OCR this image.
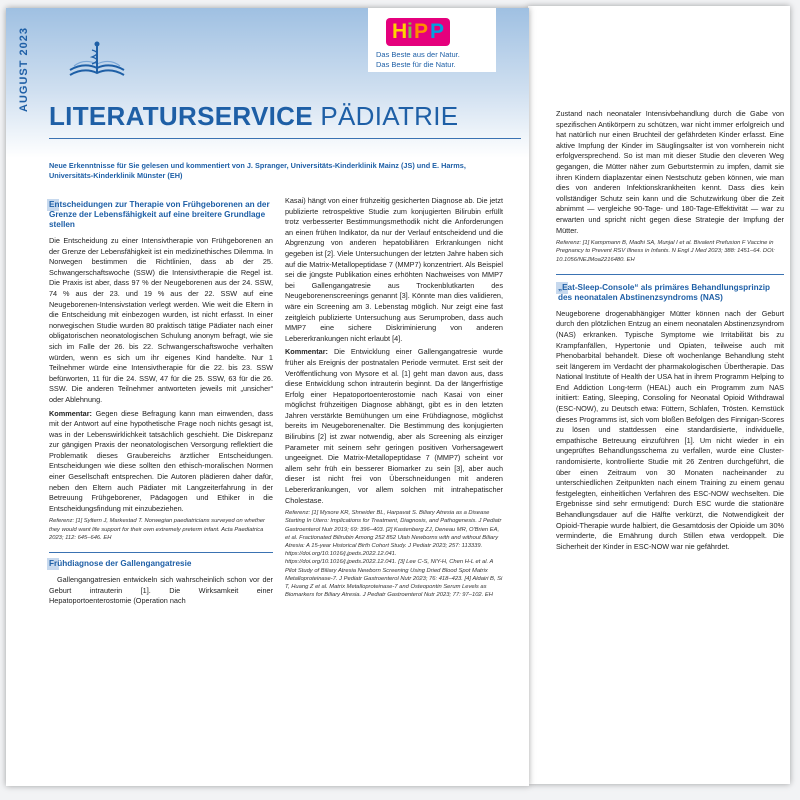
Zustand nach neonataler Intensivbehandlung durch die Gabe von spezifischen Antikörpern zu schützen, war nicht immer erfolgreich und hat natürlich nur einen Bruchteil der gefährdeten Kinder erfasst. Eine aktive Impfung der Kinder im Säuglingsalter ist von vornherein nicht erfolgversprechend. So ist man mit dieser Studie den cleveren Weg gegangen, die Mütter näher zum Geburtstermin zu impfen, damit sie ihren Kindern diaplazentar einen Nestschutz geben können, wie man dies von anderen Infektionskrankheiten kennt. Dass dies kein vollständiger Schutz sein kann und die Schutzwirkung über die Zeit abnimmt — vergleiche 90-Tage- und 180-Tage-Effektivität — war zu erwarten und spricht nicht gegen diese Strategie der Impfung der Mütter.

Referenz: [1] Kampmann B, Madhi SA, Munjal I et al. Bivalent Prefusion F Vaccine in Pregnancy to Prevent RSV Illness in Infants. N Engl J Med 2023; 388: 1451–64. DOI: 10.1056/NEJMoa2216480. EH

„Eat-Sleep-Console“ als primäres Behandlungsprinzip des neonatalen Abstinenzsyndroms (NAS)

Neugeborene drogenabhängiger Mütter können nach der Geburt durch den plötzlichen Entzug an einem neonatalen Abstinenzsyndrom (NAS) erkranken. Typische Symptome wie Irritabilität bis zu Krampfanfällen, Hypertonie und Opiaten, teilweise auch mit Phenobarbital behandelt. Diese oft wochenlange Behandlung steht seit längerem im Verdacht der pharmakologischen Übertherapie. Das National Institute of Health der USA hat in ihrem Programm Helping to End Addiction Long-term (HEAL) auch ein Programm zum NAS initiiert: Eating, Sleeping, Consoling for Neonatal Opioid Withdrawal (ESC-NOW), zu Deutsch etwa: Füttern, Schlafen, Trösten. Kernstück dieses Programms ist, sich vom bloßen Befolgen des Finnigan-Scores zu lösen und stattdessen eine standardisierte, individuelle, empathische Betreuung einzuführen [1]. Um nicht wieder in ein ungeprüftes Behandlungsschema zu verfallen, wurde eine Cluster-randomisierte, kontrollierte Studie mit 26 Zentren durchgeführt, die über einen Zeitraum von 30 Monaten nacheinander zu unterschiedlichen Zeitpunkten nach einem Training zu einem genau festgelegten, einheitlichen Verfahren des ESC-NOW wechselten. Die Ergebnisse sind sehr ermutigend: Durch ESC wurde die stationäre Behandlungsdauer auf die Hälfte verkürzt, die Notwendigkeit der Opioid-Therapie wurde halbiert, die Gesamtdosis der Opioide um 30% verminderte, die Ernährung durch Stillen etwa verdoppelt. Die Sicherheit der Kinder in ESC-NOW war nie gefährdet.

H i P P
Das Beste aus der Natur.
Das Beste für die Natur.
AUGUST 2023
LITERATURSERVICE PÄDIATRIE

Neue Erkenntnisse für Sie gelesen und kommentiert von J. Spranger, Universitäts-Kinderklinik Mainz (JS) und E. Harms, Universitäts-Kinderklinik Münster (EH)

Entscheidungen zur Therapie von Frühgeborenen an der Grenze der Lebensfähigkeit auf eine breitere Grundlage stellen

Die Entscheidung zu einer Intensivtherapie von Frühgeborenen an der Grenze der Lebensfähigkeit ist ein medizinethisches Dilemma. In Norwegen bestimmen die Richtlinien, dass ab der 25. Schwangerschaftswoche (SSW) die Intensivtherapie die Regel ist. Die Praxis ist aber, dass 97 % der Neugeborenen aus der 24. SSW, 74 % aus der 23. und 19 % aus der 22. SSW auf eine Neugeborenen-Intensivstation verlegt werden. Wie weit die Eltern in die Entscheidung mit einbezogen wurden, ist nicht erfasst. In einer norwegischen Studie wurden 80 praktisch tätige Pädiater nach einer obligatorischen neonatologischen Schulung anonym befragt, wie sie sich im Falle der 26. bis 22. Schwangerschaftswoche verhalten würden, wenn es sich um ihr eigenes Kind handelte. Nur 1 Teilnehmer würde eine Intensivtherapie für die 22. bis 23. SSW befürworten, 11 für die 24. SSW, 47 für die 25. SSW, 63 für die 26. SSW. Die anderen Teilnehmer antworteten jeweils mit „unsicher“ oder Ablehnung.

Kommentar: Gegen diese Befragung kann man einwenden, dass mit der Antwort auf eine hypothetische Frage noch nichts gesagt ist, was in der Lebenswirklichkeit tatsächlich geschieht. Die Diskrepanz zur gängigen Praxis der neonatologischen Versorgung reflektiert die Problematik dieses Graubereichs ärztlicher Entscheidungen. Entscheidungen wie diese sollten den ethisch-moralischen Normen einer Gesellschaft entsprechen. Die Autoren plädieren daher dafür, neben den Eltern auch Pädiater mit Langzeiterfahrung in der Betreuung Frühgeborener, Pädagogen und Ethiker in die Entscheidungsfindung mit einzubeziehen.

Referenz: [1] Syltern J, Markestad T. Norwegian paediatricians surveyed on whether they would want life support for their own extremely preterm infant. Acta Paediatrica 2023; 112: 645–646. EH

Frühdiagnose der Gallengangatresie

Gallengangatresien entwickeln sich wahrscheinlich schon vor der Geburt intrauterin [1]. Die Wirksamkeit einer Hepatoportoenterostomie (Operation nach

Kasai) hängt von einer frühzeitig gesicherten Diagnose ab. Die jetzt publizierte retrospektive Studie zum konjugierten Bilirubin erfüllt trotz verbesserter Bestimmungsmethodik nicht die Anforderungen an einen frühen Indikator, da nur der Verlauf entscheidend und die Abgrenzung von anderen hepatobiliären Erkrankungen nicht gegeben ist [2]. Viele Untersuchungen der letzten Jahre haben sich auf die Matrix-Metallopeptidase 7 (MMP7) konzentriert. Als Beispiel sei die jüngste Publikation eines erhöhten Nachweises von MMP7 bei Gallengangatresie aus Trockenblutkarten des Neugeborenenscreenings genannt [3]. Könnte man dies validieren, wäre ein Screening am 3. Lebenstag möglich. Nur zeigt eine fast zeitgleich publizierte Untersuchung aus Serumproben, dass auch MMP7 eine sichere Diskriminierung von anderen Lebererkrankungen nicht erlaubt [4].

Kommentar: Die Entwicklung einer Gallengangatresie wurde früher als Ereignis der postnatalen Periode vermutet. Erst seit der Veröffentlichung von Mysore et al. [1] geht man davon aus, dass diese Entwicklung schon intrauterin beginnt. Da der längerfristige Erfolg einer Hepatoportoenterostomie nach Kasai von einer möglichst frühzeitigen Diagnose abhängt, gibt es in den letzten Jahren verstärkte Bemühungen um eine Frühdiagnose, möglichst bereits im Neugeborenenalter. Die Bestimmung des konjugierten Bilirubins [2] ist zwar notwendig, aber als Screening als einziger Parameter mit seinem sehr geringen positiven Vorhersagewert ungeeignet. Die Matrix-Metallopeptidase 7 (MMP7) scheint vor allem sehr früh ein besserer Biomarker zu sein [3], aber auch dieser ist nicht frei von Überschneidungen mit anderen Lebererkrankungen, vor allem solchen mit intrahepatischer Cholestase.

Referenz: [1] Mysore KR, Shneider BL, Harpavat S. Biliary Atresia as a Disease Starting In Utero: Implications for Treatment, Diagnosis, and Pathogenesis. J Pediatr Gastroenterol Nutr 2019; 69: 396–403. [2] Kastenberg ZJ, Deneau MR, O'Brien EA, et al. Fractionated Bilirubin Among 252 852 Utah Newborns with and without Biliary Atresia: A 15-year Historical Birth Cohort Study. J Pediatr 2023; 257: 113339. https://doi.org/10.1016/j.jpeds.2022.12.041. https://doi.org/10.1016/j.jpeds.2022.12.041. [3] Lee C-S, NIY-H, Chen H-L et al. A Pilot Study of Biliary Atresia Newborn Screening Using Dried Blood Spot Matrix Metalloproteinase-7. J Pediatr Gastroenterol Nutr 2023; 76: 418–423. [4] Aldairi B, Si T, Huang Z et al. Matrix Metalloproteinase-7 and Osteopontin Serum Levels as Biomarkers for Biliary Atresia. J Pediatr Gastroenterol Nutr 2023; 77: 97–102. EH
